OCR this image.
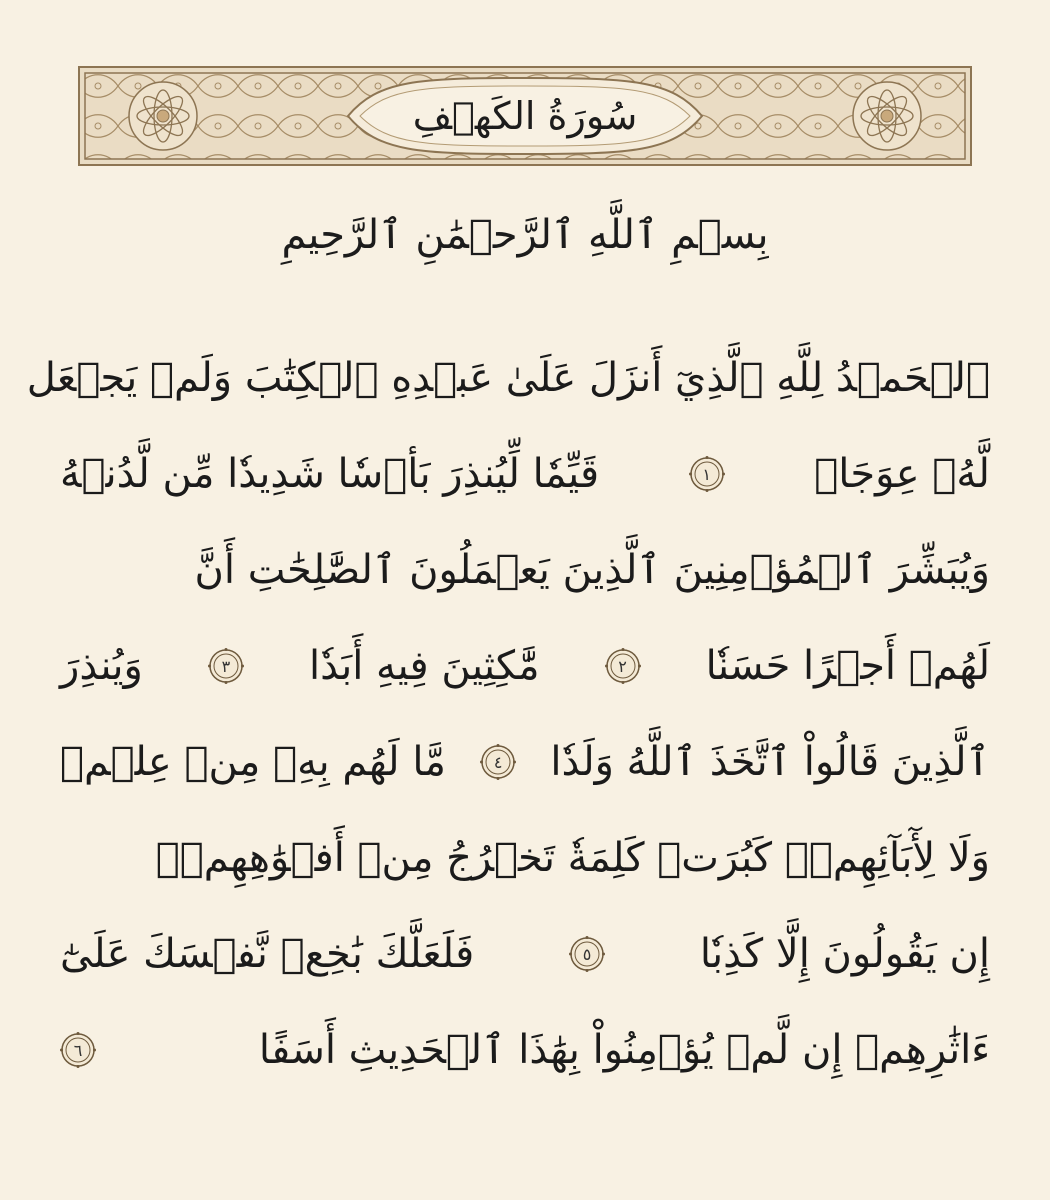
سُورَةُ الكَهۡفِ
بِسۡمِ ٱللَّهِ ٱلرَّحۡمَٰنِ ٱلرَّحِيمِ
ٱلۡحَمۡدُ لِلَّهِ ٱلَّذِيٓ أَنزَلَ عَلَىٰ عَبۡدِهِ ٱلۡكِتَٰبَ وَلَمۡ يَجۡعَل
لَّهُۥ عِوَجَاۜ
١
قَيِّمٗا لِّيُنذِرَ بَأۡسٗا شَدِيدٗا مِّن لَّدُنۡهُ
وَيُبَشِّرَ ٱلۡمُؤۡمِنِينَ ٱلَّذِينَ يَعۡمَلُونَ ٱلصَّٰلِحَٰتِ أَنَّ
لَهُمۡ أَجۡرًا حَسَنٗا
٢
مَّٰكِثِينَ فِيهِ أَبَدٗا
٣
وَيُنذِرَ
ٱلَّذِينَ قَالُواْ ٱتَّخَذَ ٱللَّهُ وَلَدٗا
٤
مَّا لَهُم بِهِۦ مِنۡ عِلۡمٖ
وَلَا لِأٓبَآئِهِمۡۚ كَبُرَتۡ كَلِمَةٗ تَخۡرُجُ مِنۡ أَفۡوَٰهِهِمۡۚ
إِن يَقُولُونَ إِلَّا كَذِبٗا
٥
فَلَعَلَّكَ بَٰخِعٞ نَّفۡسَكَ عَلَىٰٓ
ءَاثَٰرِهِمۡ إِن لَّمۡ يُؤۡمِنُواْ بِهَٰذَا ٱلۡحَدِيثِ أَسَفًا
٦
